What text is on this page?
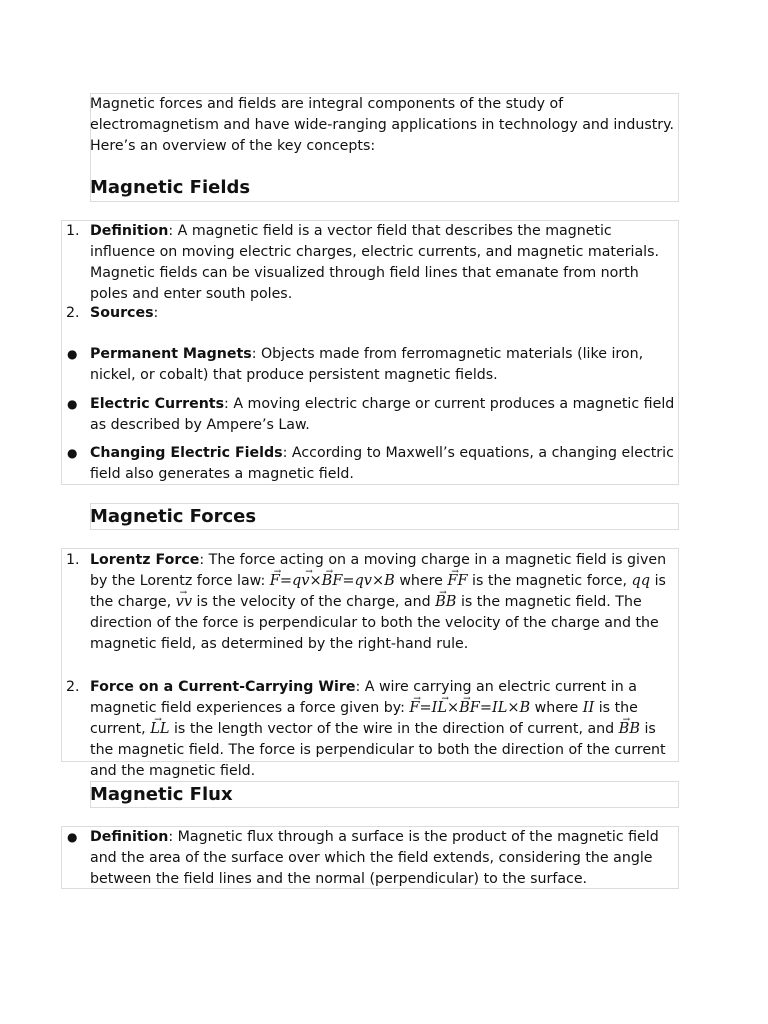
Magnetic forces and fields are integral components of the study of electromagnetism and have wide-ranging applications in technology and industry. Here’s an overview of the key concepts:
Magnetic Fields
1. Definition: A magnetic field is a vector field that describes the magnetic influence on moving electric charges, electric currents, and magnetic materials. Magnetic fields can be visualized through field lines that emanate from north poles and enter south poles.
2. Sources:
● Permanent Magnets: Objects made from ferromagnetic materials (like iron, nickel, or cobalt) that produce persistent magnetic fields.
● Electric Currents: A moving electric charge or current produces a magnetic field as described by Ampere’s Law.
● Changing Electric Fields: According to Maxwell’s equations, a changing electric field also generates a magnetic field.
Magnetic Forces
1. Lorentz Force: The force acting on a moving charge in a magnetic field is given by the Lorentz force law: → F=q→ v×→ BF=qv×B where → FF is the magnetic force, qq is the charge, → vv is the velocity of the charge, and → BB is the magnetic field. The direction of the force is perpendicular to both the velocity of the charge and the magnetic field, as determined by the right-hand rule.
2. Force on a Current-Carrying Wire: A wire carrying an electric current in a magnetic field experiences a force given by: → F=I→ L×→ BF=IL×B where II is the current, → LL is the length vector of the wire in the direction of current, and → BB is the magnetic field. The force is perpendicular to both the direction of the current and the magnetic field.
Magnetic Flux
● Definition: Magnetic flux through a surface is the product of the magnetic field and the area of the surface over which the field extends, considering the angle between the field lines and the normal (perpendicular) to the surface.
